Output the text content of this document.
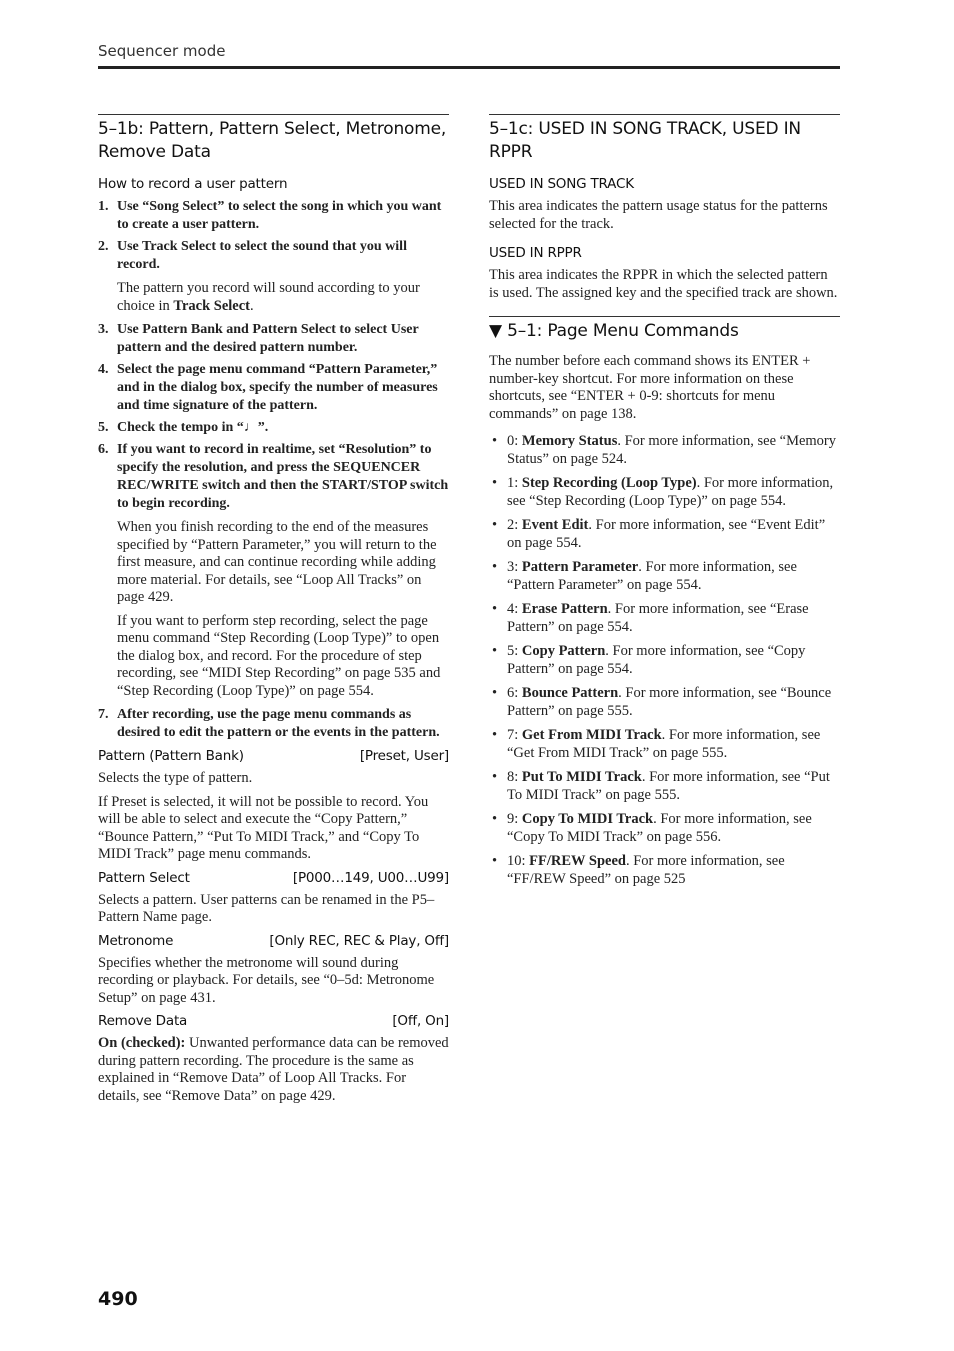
Sequencer mode
5–1b: Pattern, Pattern Select, Metronome, Remove Data
How to record a user pattern
1. Use “Song Select” to select the song in which you want to create a user pattern.
2. Use Track Select to select the sound that you will record.
The pattern you record will sound according to your choice in Track Select.
3. Use Pattern Bank and Pattern Select to select User pattern and the desired pattern number.
4. Select the page menu command “Pattern Parameter,” and in the dialog box, specify the number of measures and time signature of the pattern.
5. Check the tempo in “♩”.
6. If you want to record in realtime, set “Resolution” to specify the resolution, and press the SEQUENCER REC/WRITE switch and then the START/STOP switch to begin recording.
When you finish recording to the end of the measures specified by “Pattern Parameter,” you will return to the first measure, and can continue recording while adding more material. For details, see “Loop All Tracks” on page 429.
If you want to perform step recording, select the page menu command “Step Recording (Loop Type)” to open the dialog box, and record. For the procedure of step recording, see “MIDI Step Recording” on page 535 and “Step Recording (Loop Type)” on page 554.
7. After recording, use the page menu commands as desired to edit the pattern or the events in the pattern.
Pattern (Pattern Bank)	[Preset, User]
Selects the type of pattern.
If Preset is selected, it will not be possible to record. You will be able to select and execute the “Copy Pattern,” “Bounce Pattern,” “Put To MIDI Track,” and “Copy To MIDI Track” page menu commands.
Pattern Select	[P000…149, U00…U99]
Selects a pattern. User patterns can be renamed in the P5– Pattern Name page.
Metronome	[Only REC, REC & Play, Off]
Specifies whether the metronome will sound during recording or playback. For details, see “0–5d: Metronome Setup” on page 431.
Remove Data	[Off, On]
On (checked): Unwanted performance data can be removed during pattern recording. The procedure is the same as explained in “Remove Data” of Loop All Tracks. For details, see “Remove Data” on page 429.
5–1c: USED IN SONG TRACK, USED IN RPPR
USED IN SONG TRACK
This area indicates the pattern usage status for the patterns selected for the track.
USED IN RPPR
This area indicates the RPPR in which the selected pattern is used. The assigned key and the specified track are shown.
▼ 5–1: Page Menu Commands
The number before each command shows its ENTER + number-key shortcut. For more information on these shortcuts, see “ENTER + 0-9: shortcuts for menu commands” on page 138.
• 0: Memory Status. For more information, see “Memory Status” on page 524.
• 1: Step Recording (Loop Type). For more information, see “Step Recording (Loop Type)” on page 554.
• 2: Event Edit. For more information, see “Event Edit” on page 554.
• 3: Pattern Parameter. For more information, see “Pattern Parameter” on page 554.
• 4: Erase Pattern. For more information, see “Erase Pattern” on page 554.
• 5: Copy Pattern. For more information, see “Copy Pattern” on page 554.
• 6: Bounce Pattern. For more information, see “Bounce Pattern” on page 555.
• 7: Get From MIDI Track. For more information, see “Get From MIDI Track” on page 555.
• 8: Put To MIDI Track. For more information, see “Put To MIDI Track” on page 555.
• 9: Copy To MIDI Track. For more information, see “Copy To MIDI Track” on page 556.
• 10: FF/REW Speed. For more information, see “FF/REW Speed” on page 525
490
